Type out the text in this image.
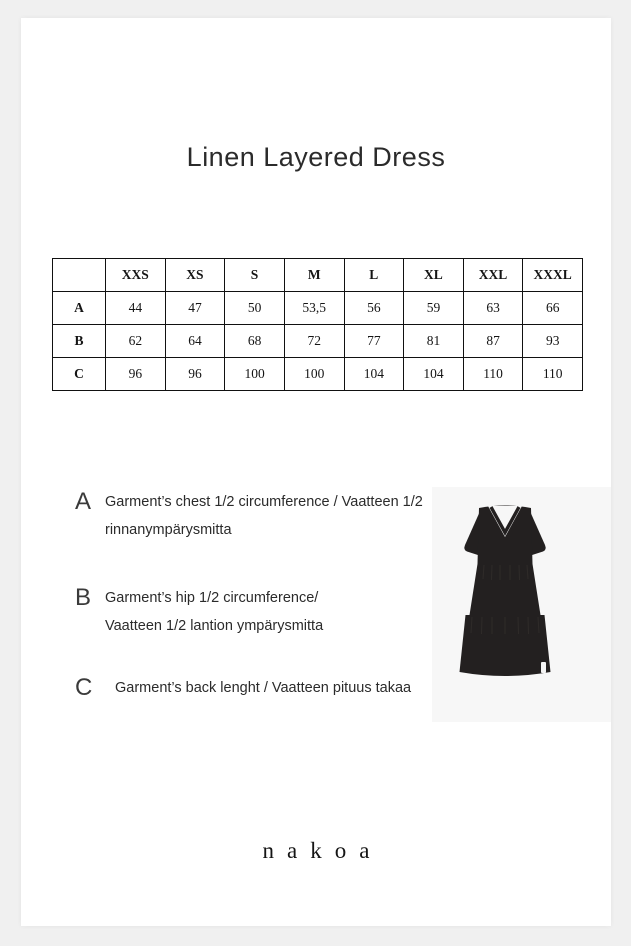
Linen Layered Dress
	XXS	XS	S	M	L	XL	XXL	XXXL
A	44	47	50	53,5	56	59	63	66
B	62	64	68	72	77	81	87	93
C	96	96	100	100	104	104	110	110
A Garment’s chest 1/2 circumference / Vaatteen 1/2
rinnanympärysmitta
B Garment’s hip 1/2 circumference/
Vaatteen 1/2 lantion ympärysmitta
C	Garment’s back lenght / Vaatteen pituus takaa
nakoa
